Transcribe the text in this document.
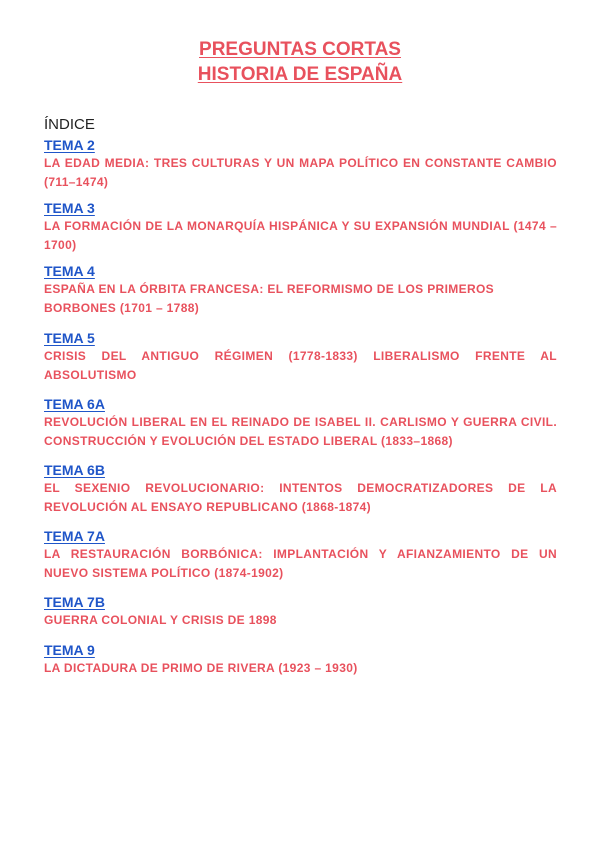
PREGUNTAS CORTAS
HISTORIA DE ESPAÑA
ÍNDICE
TEMA 2

LA EDAD MEDIA: TRES CULTURAS Y UN MAPA POLÍTICO EN CONSTANTE CAMBIO (711–1474)

TEMA 3

LA FORMACIÓN DE LA MONARQUÍA HISPÁNICA Y SU EXPANSIÓN MUNDIAL (1474 – 1700)

TEMA 4

ESPAÑA EN LA ÓRBITA FRANCESA: EL REFORMISMO DE LOS PRIMEROS BORBONES (1701 – 1788)

TEMA 5

CRISIS DEL ANTIGUO RÉGIMEN (1778-1833) LIBERALISMO FRENTE AL ABSOLUTISMO

TEMA 6A

REVOLUCIÓN LIBERAL EN EL REINADO DE ISABEL II. CARLISMO Y GUERRA CIVIL. CONSTRUCCIÓN Y EVOLUCIÓN DEL ESTADO LIBERAL (1833–1868)

TEMA 6B

EL SEXENIO REVOLUCIONARIO: INTENTOS DEMOCRATIZADORES DE LA REVOLUCIÓN AL ENSAYO REPUBLICANO (1868-1874)

TEMA 7A

LA RESTAURACIÓN BORBÓNICA: IMPLANTACIÓN Y AFIANZAMIENTO DE UN NUEVO SISTEMA POLÍTICO (1874-1902)

TEMA 7B

GUERRA COLONIAL Y CRISIS DE 1898

TEMA 9

LA DICTADURA DE PRIMO DE RIVERA (1923 – 1930)
